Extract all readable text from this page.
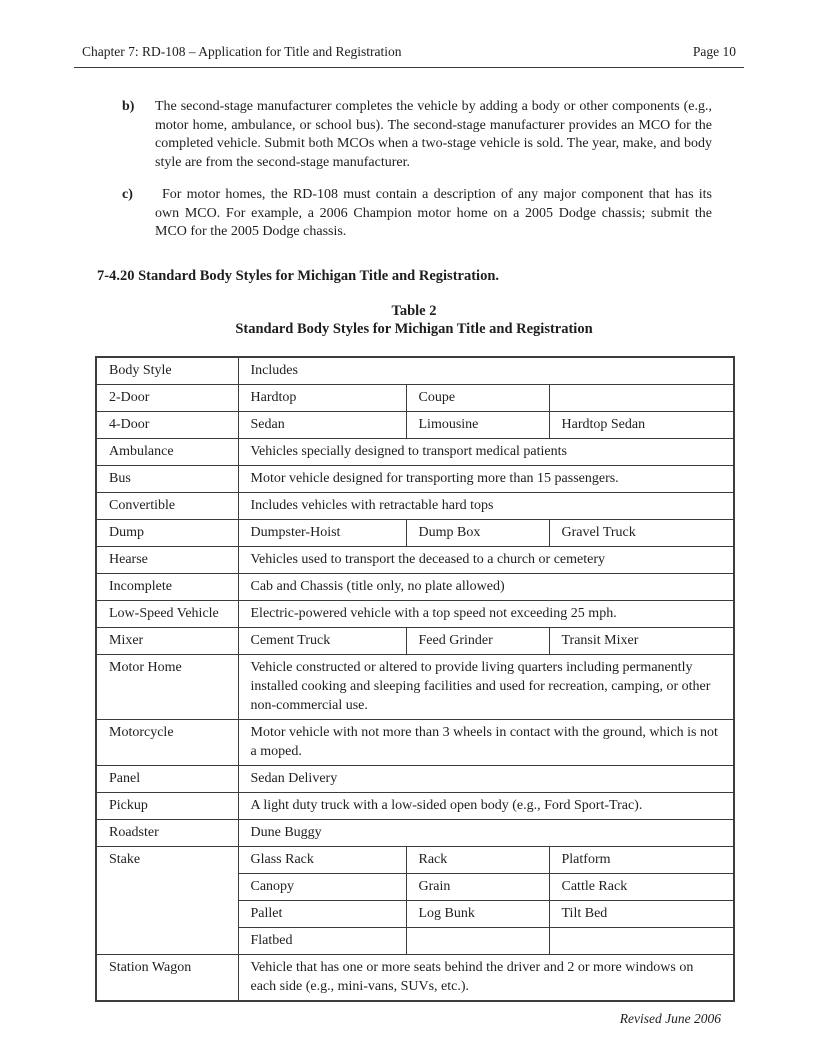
Chapter 7: RD-108 – Application for Title and Registration	Page 10
b) The second-stage manufacturer completes the vehicle by adding a body or other components (e.g., motor home, ambulance, or school bus). The second-stage manufacturer provides an MCO for the completed vehicle. Submit both MCOs when a two-stage vehicle is sold. The year, make, and body style are from the second-stage manufacturer.
c) For motor homes, the RD-108 must contain a description of any major component that has its own MCO. For example, a 2006 Champion motor home on a 2005 Dodge chassis; submit the MCO for the 2005 Dodge chassis.
7-4.20 Standard Body Styles for Michigan Title and Registration.
Table 2
Standard Body Styles for Michigan Title and Registration
Body Style	Includes		
2-Door	Hardtop	Coupe	
4-Door	Sedan	Limousine	Hardtop Sedan
Ambulance	Vehicles specially designed to transport medical patients		
Bus	Motor vehicle designed for transporting more than 15 passengers.		
Convertible	Includes vehicles with retractable hard tops		
Dump	Dumpster-Hoist	Dump Box	Gravel Truck
Hearse	Vehicles used to transport the deceased to a church or cemetery		
Incomplete	Cab and Chassis (title only, no plate allowed)		
Low-Speed Vehicle	Electric-powered vehicle with a top speed not exceeding 25 mph.		
Mixer	Cement Truck	Feed Grinder	Transit Mixer
Motor Home	Vehicle constructed or altered to provide living quarters including permanently installed cooking and sleeping facilities and used for recreation, camping, or other non-commercial use.		
Motorcycle	Motor vehicle with not more than 3 wheels in contact with the ground, which is not a moped.		
Panel	Sedan Delivery		
Pickup	A light duty truck with a low-sided open body (e.g., Ford Sport-Trac).		
Roadster	Dune Buggy		
Stake	Glass Rack	Rack	Platform
	Canopy	Grain	Cattle Rack
	Pallet	Log Bunk	Tilt Bed
	Flatbed		
Station Wagon	Vehicle that has one or more seats behind the driver and 2 or more windows on each side (e.g., mini-vans, SUVs, etc.).		
Revised June 2006
